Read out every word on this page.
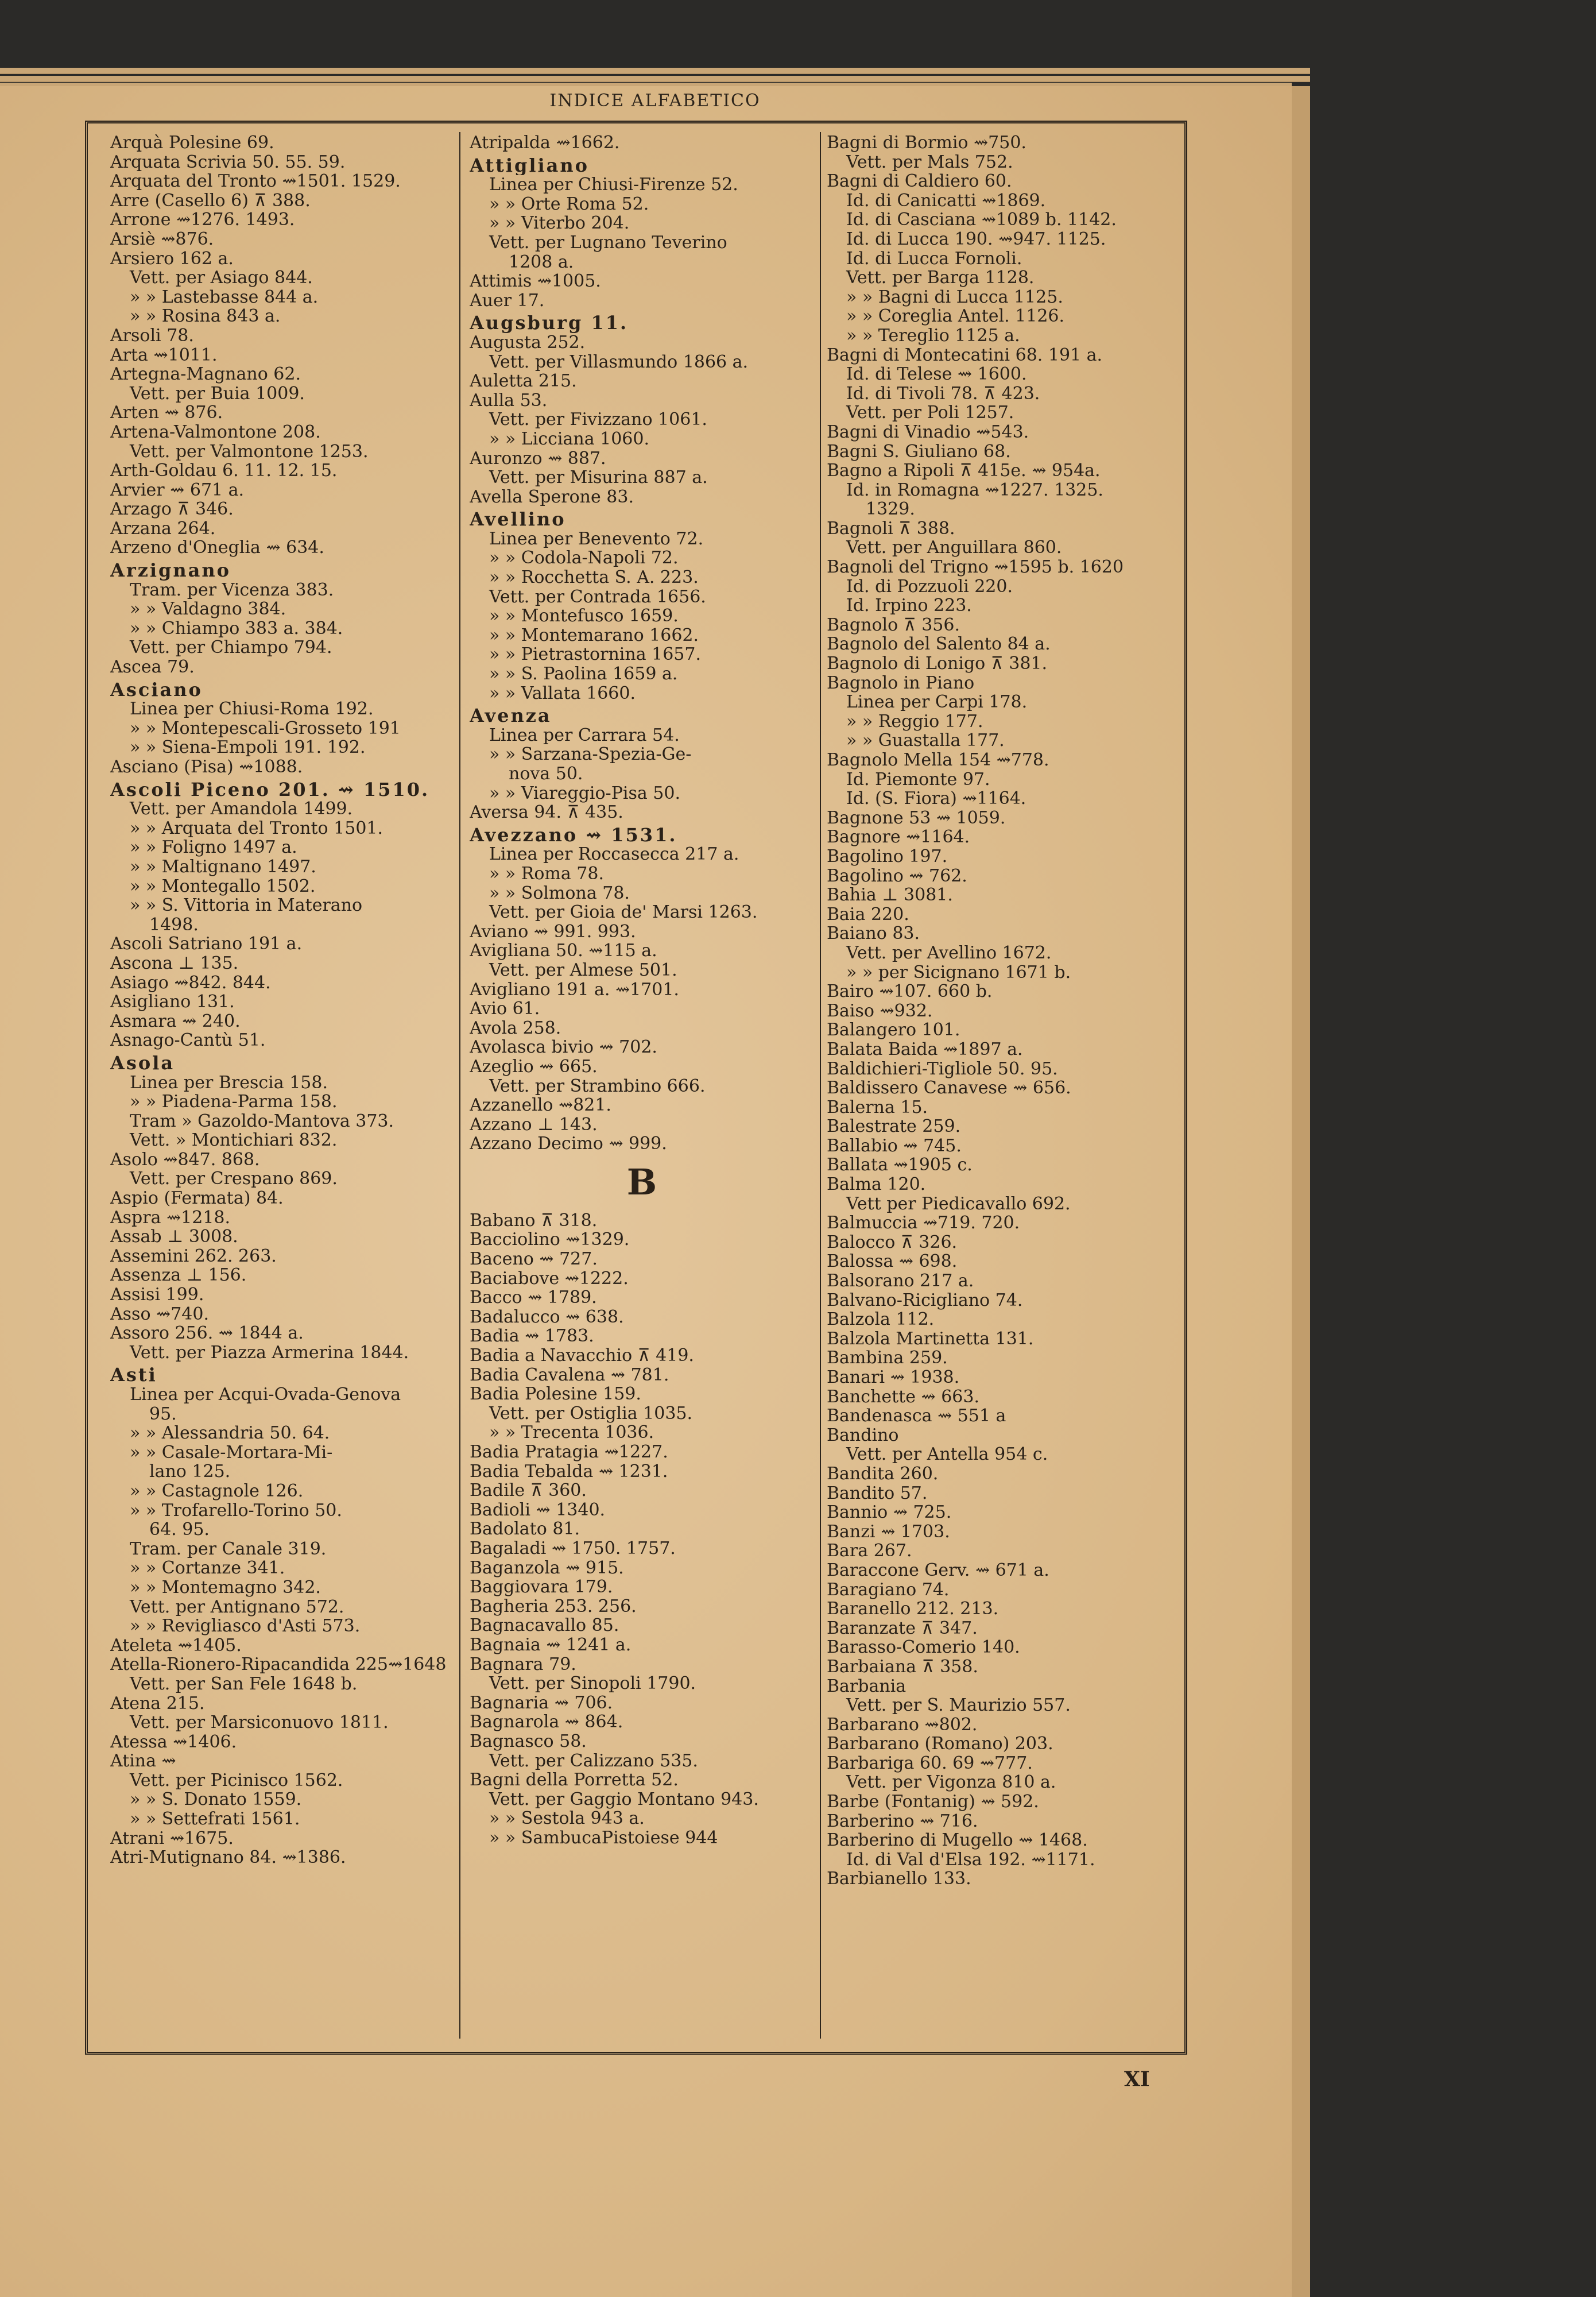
INDICE ALFABETICO
Arquà Polesine 69.
Arquata Scrivia 50. 55. 59.
Arquata del Tronto ⇝1501. 1529.
Arre (Casello 6) ⊼ 388.
Arrone ⇝1276. 1493.
Arsiè ⇝876.
Arsiero 162 a.
Vett. per Asiago 844.
» » Lastebasse 844 a.
» » Rosina 843 a.
Arsoli 78.
Arta ⇝1011.
Artegna-Magnano 62.
Vett. per Buia 1009.
Arten ⇝ 876.
Artena-Valmontone 208.
Vett. per Valmontone 1253.
Arth-Goldau 6. 11. 12. 15.
Arvier ⇝ 671 a.
Arzago ⊼ 346.
Arzana 264.
Arzeno d'Oneglia ⇝ 634.
Arzignano
Tram. per Vicenza 383.
» » Valdagno 384.
» » Chiampo 383 a. 384.
Vett. per Chiampo 794.
Ascea 79.
Asciano
Linea per Chiusi-Roma 192.
» » Montepescali-Grosseto 191
» » Siena-Empoli 191. 192.
Asciano (Pisa) ⇝1088.
Ascoli Piceno 201. ⇝ 1510.
Vett. per Amandola 1499.
» » Arquata del Tronto 1501.
» » Foligno 1497 a.
» » Maltignano 1497.
» » Montegallo 1502.
» » S. Vittoria in Materano
1498.
Ascoli Satriano 191 a.
Ascona ⊥ 135.
Asiago ⇝842. 844.
Asigliano 131.
Asmara ⇝ 240.
Asnago-Cantù 51.
Asola
Linea per Brescia 158.
» » Piadena-Parma 158.
Tram » Gazoldo-Mantova 373.
Vett. » Montichiari 832.
Asolo ⇝847. 868.
Vett. per Crespano 869.
Aspio (Fermata) 84.
Aspra ⇝1218.
Assab ⊥ 3008.
Assemini 262. 263.
Assenza ⊥ 156.
Assisi 199.
Asso ⇝740.
Assoro 256. ⇝ 1844 a.
Vett. per Piazza Armerina 1844.
Asti
Linea per Acqui-Ovada-Genova
95.
» » Alessandria 50. 64.
» » Casale-Mortara-Mi-
lano 125.
» » Castagnole 126.
» » Trofarello-Torino 50.
64. 95.
Tram. per Canale 319.
» » Cortanze 341.
» » Montemagno 342.
Vett. per Antignano 572.
» » Revigliasco d'Asti 573.
Ateleta ⇝1405.
Atella-Rionero-Ripacandida 225⇝1648
Vett. per San Fele 1648 b.
Atena 215.
Vett. per Marsiconuovo 1811.
Atessa ⇝1406.
Atina ⇝
Vett. per Picinisco 1562.
» » S. Donato 1559.
» » Settefrati 1561.
Atrani ⇝1675.
Atri-Mutignano 84. ⇝1386.
Atripalda ⇝1662.
Attigliano
Linea per Chiusi-Firenze 52.
» » Orte Roma 52.
» » Viterbo 204.
Vett. per Lugnano Teverino
1208 a.
Attimis ⇝1005.
Auer 17.
Augsburg 11.
Augusta 252.
Vett. per Villasmundo 1866 a.
Auletta 215.
Aulla 53.
Vett. per Fivizzano 1061.
» » Licciana 1060.
Auronzo ⇝ 887.
Vett. per Misurina 887 a.
Avella Sperone 83.
Avellino
Linea per Benevento 72.
» » Codola-Napoli 72.
» » Rocchetta S. A. 223.
Vett. per Contrada 1656.
» » Montefusco 1659.
» » Montemarano 1662.
» » Pietrastornina 1657.
» » S. Paolina 1659 a.
» » Vallata 1660.
Avenza
Linea per Carrara 54.
» » Sarzana-Spezia-Ge-
nova 50.
» » Viareggio-Pisa 50.
Aversa 94. ⊼ 435.
Avezzano ⇝ 1531.
Linea per Roccasecca 217 a.
» » Roma 78.
» » Solmona 78.
Vett. per Gioia de' Marsi 1263.
Aviano ⇝ 991. 993.
Avigliana 50. ⇝115 a.
Vett. per Almese 501.
Avigliano 191 a. ⇝1701.
Avio 61.
Avola 258.
Avolasca bivio ⇝ 702.
Azeglio ⇝ 665.
Vett. per Strambino 666.
Azzanello ⇝821.
Azzano ⊥ 143.
Azzano Decimo ⇝ 999.
B
Babano ⊼ 318.
Bacciolino ⇝1329.
Baceno ⇝ 727.
Baciabove ⇝1222.
Bacco ⇝ 1789.
Badalucco ⇝ 638.
Badia ⇝ 1783.
Badia a Navacchio ⊼ 419.
Badia Cavalena ⇝ 781.
Badia Polesine 159.
Vett. per Ostiglia 1035.
» » Trecenta 1036.
Badia Pratagia ⇝1227.
Badia Tebalda ⇝ 1231.
Badile ⊼ 360.
Badioli ⇝ 1340.
Badolato 81.
Bagaladi ⇝ 1750. 1757.
Baganzola ⇝ 915.
Baggiovara 179.
Bagheria 253. 256.
Bagnacavallo 85.
Bagnaia ⇝ 1241 a.
Bagnara 79.
Vett. per Sinopoli 1790.
Bagnaria ⇝ 706.
Bagnarola ⇝ 864.
Bagnasco 58.
Vett. per Calizzano 535.
Bagni della Porretta 52.
Vett. per Gaggio Montano 943.
» » Sestola 943 a.
» » SambucaPistoiese 944
Bagni di Bormio ⇝750.
Vett. per Mals 752.
Bagni di Caldiero 60.
Id. di Canicatti ⇝1869.
Id. di Casciana ⇝1089 b. 1142.
Id. di Lucca 190. ⇝947. 1125.
Id. di Lucca Fornoli.
Vett. per Barga 1128.
» » Bagni di Lucca 1125.
» » Coreglia Antel. 1126.
» » Tereglio 1125 a.
Bagni di Montecatini 68. 191 a.
Id. di Telese ⇝ 1600.
Id. di Tivoli 78. ⊼ 423.
Vett. per Poli 1257.
Bagni di Vinadio ⇝543.
Bagni S. Giuliano 68.
Bagno a Ripoli ⊼ 415e. ⇝ 954a.
Id. in Romagna ⇝1227. 1325.
1329.
Bagnoli ⊼ 388.
Vett. per Anguillara 860.
Bagnoli del Trigno ⇝1595 b. 1620
Id. di Pozzuoli 220.
Id. Irpino 223.
Bagnolo ⊼ 356.
Bagnolo del Salento 84 a.
Bagnolo di Lonigo ⊼ 381.
Bagnolo in Piano
Linea per Carpi 178.
» » Reggio 177.
» » Guastalla 177.
Bagnolo Mella 154 ⇝778.
Id. Piemonte 97.
Id. (S. Fiora) ⇝1164.
Bagnone 53 ⇝ 1059.
Bagnore ⇝1164.
Bagolino 197.
Bagolino ⇝ 762.
Bahia ⊥ 3081.
Baia 220.
Baiano 83.
Vett. per Avellino 1672.
» » per Sicignano 1671 b.
Bairo ⇝107. 660 b.
Baiso ⇝932.
Balangero 101.
Balata Baida ⇝1897 a.
Baldichieri-Tigliole 50. 95.
Baldissero Canavese ⇝ 656.
Balerna 15.
Balestrate 259.
Ballabio ⇝ 745.
Ballata ⇝1905 c.
Balma 120.
Vett per Piedicavallo 692.
Balmuccia ⇝719. 720.
Balocco ⊼ 326.
Balossa ⇝ 698.
Balsorano 217 a.
Balvano-Ricigliano 74.
Balzola 112.
Balzola Martinetta 131.
Bambina 259.
Banari ⇝ 1938.
Banchette ⇝ 663.
Bandenasca ⇝ 551 a
Bandino
Vett. per Antella 954 c.
Bandita 260.
Bandito 57.
Bannio ⇝ 725.
Banzi ⇝ 1703.
Bara 267.
Baraccone Gerv. ⇝ 671 a.
Baragiano 74.
Baranello 212. 213.
Baranzate ⊼ 347.
Barasso-Comerio 140.
Barbaiana ⊼ 358.
Barbania
Vett. per S. Maurizio 557.
Barbarano ⇝802.
Barbarano (Romano) 203.
Barbariga 60. 69 ⇝777.
Vett. per Vigonza 810 a.
Barbe (Fontanig) ⇝ 592.
Barberino ⇝ 716.
Barberino di Mugello ⇝ 1468.
Id. di Val d'Elsa 192. ⇝1171.
Barbianello 133.
XI
